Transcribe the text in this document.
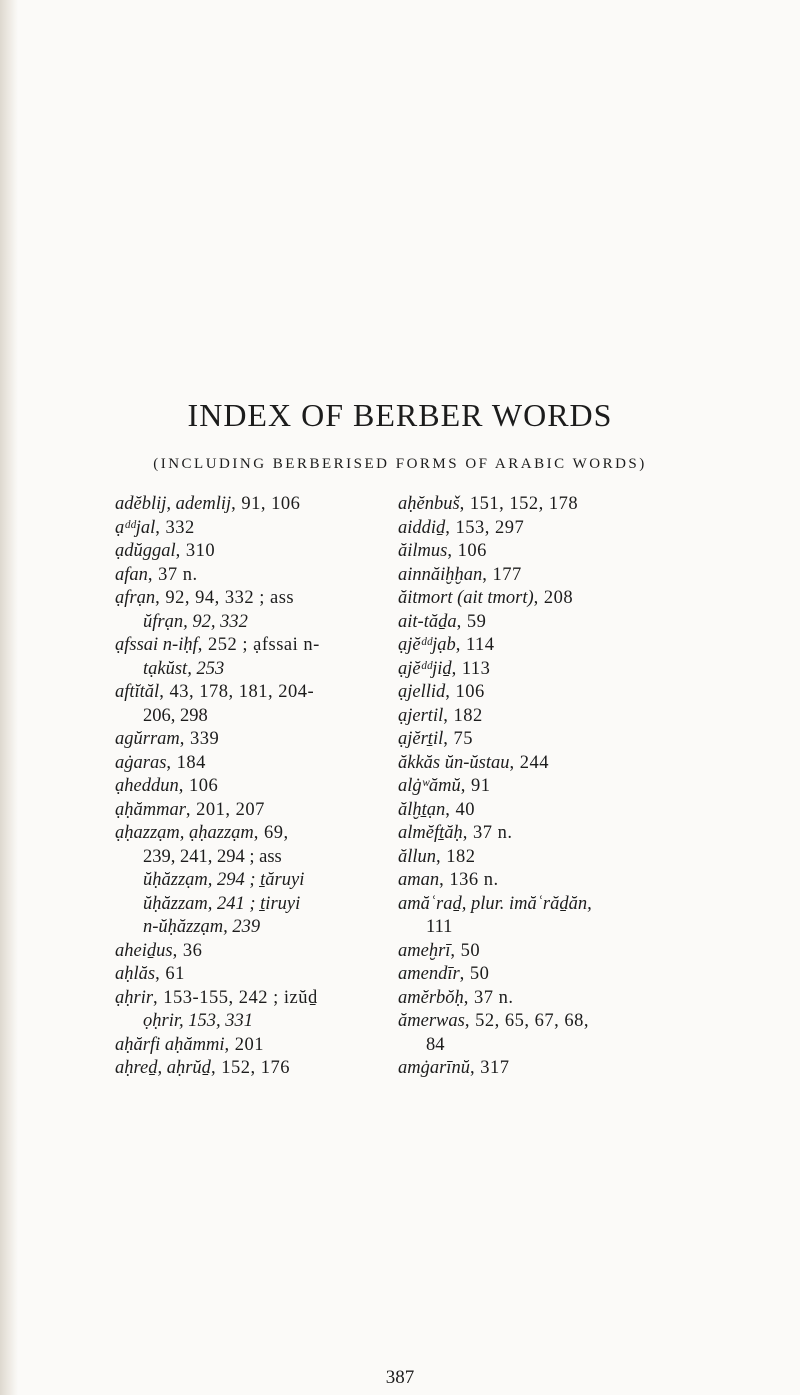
INDEX OF BERBER WORDS
(INCLUDING BERBERISED FORMS OF ARABIC WORDS)
adĕblij, ademlij, 91, 106
ạᵈᵈjal, 332
ạdŭggal, 310
afan, 37 n.
ạfrạn, 92, 94, 332 ; ass
ŭfrạn, 92, 332
ạfssai n-iḥf, 252 ; ạfssai n-
tạkŭst, 253
aftĭtăl, 43, 178, 181, 204-
206, 298
agŭrram, 339
aġaras, 184
ạheddun, 106
ạḥămmar, 201, 207
ạḥazzạm, ạḥazzạm, 69,
239, 241, 294 ; ass
ŭḥăzzạm, 294 ; ṯăruyi
ŭḥăzzam, 241 ; ṯiruyi
n-ŭḥăzzạm, 239
aheiḏus, 36
aḥlăs, 61
ạḥrir, 153-155, 242 ; izŭḏ
ọḥrir, 153, 331
aḥărfi aḥămmi, 201
aḥreḏ, aḥrŭḏ, 152, 176
aḥĕnbuš, 151, 152, 178
aiddiḏ, 153, 297
ăilmus, 106
ainnăiḫḫan, 177
ăitmort (ait tmort), 208
ait-tăḏa, 59
ạjĕᵈᵈjạb, 114
ạjĕᵈᵈjiḏ, 113
ạjellid, 106
ạjertil, 182
ạjĕrṯil, 75
ăkkăs ŭn-ŭstau, 244
alġʷămŭ, 91
ălḫṯạn, 40
almĕfṯăḥ, 37 n.
ăllun, 182
aman, 136 n.
amăʿraḏ, plur. imăʿrăḏăn,
111
ameḫrī, 50
amendīr, 50
amĕrbŏḥ, 37 n.
ămerwas, 52, 65, 67, 68,
84
amġarīnŭ, 317
387
